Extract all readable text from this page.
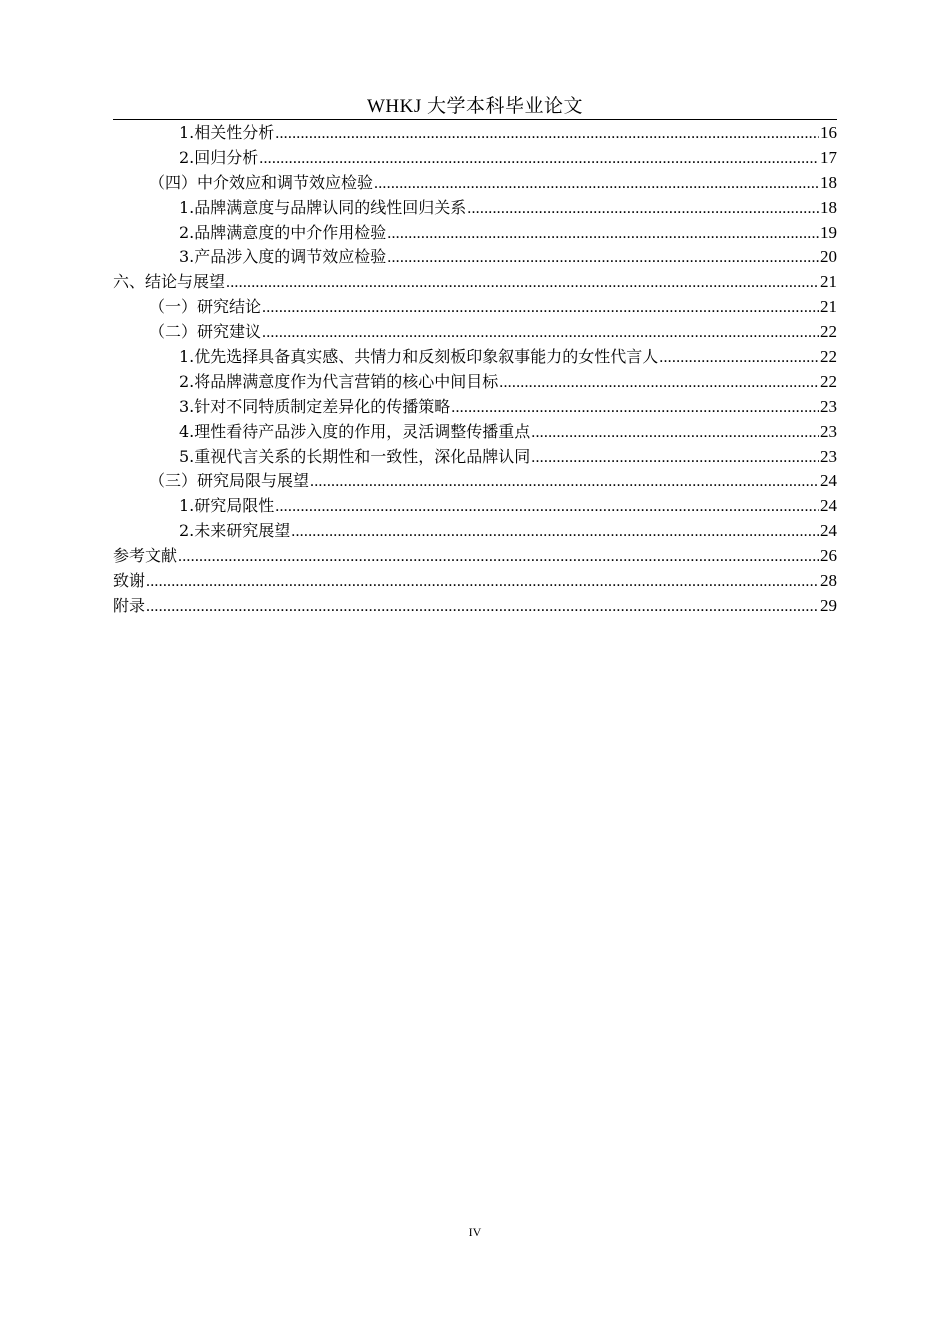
WHKJ 大学本科毕业论文
1.相关性分析 .....	16
2.回归分析 .....	17
（四）中介效应和调节效应检验 .....	18
1.品牌满意度与品牌认同的线性回归关系 .....	18
2.品牌满意度的中介作用检验 .....	19
3.产品涉入度的调节效应检验 .....	20
六、结论与展望 .....	21
（一）研究结论 .....	21
（二）研究建议 .....	22
1.优先选择具备真实感、共情力和反刻板印象叙事能力的女性代言人 .....	22
2.将品牌满意度作为代言营销的核心中间目标 .....	22
3.针对不同特质制定差异化的传播策略 .....	23
4.理性看待产品涉入度的作用，灵活调整传播重点 .....	23
5.重视代言关系的长期性和一致性，深化品牌认同 .....	23
（三）研究局限与展望 .....	24
1.研究局限性 .....	24
2.未来研究展望 .....	24
参考文献 .....	26
致谢 .....	28
附录 .....	29
IV
